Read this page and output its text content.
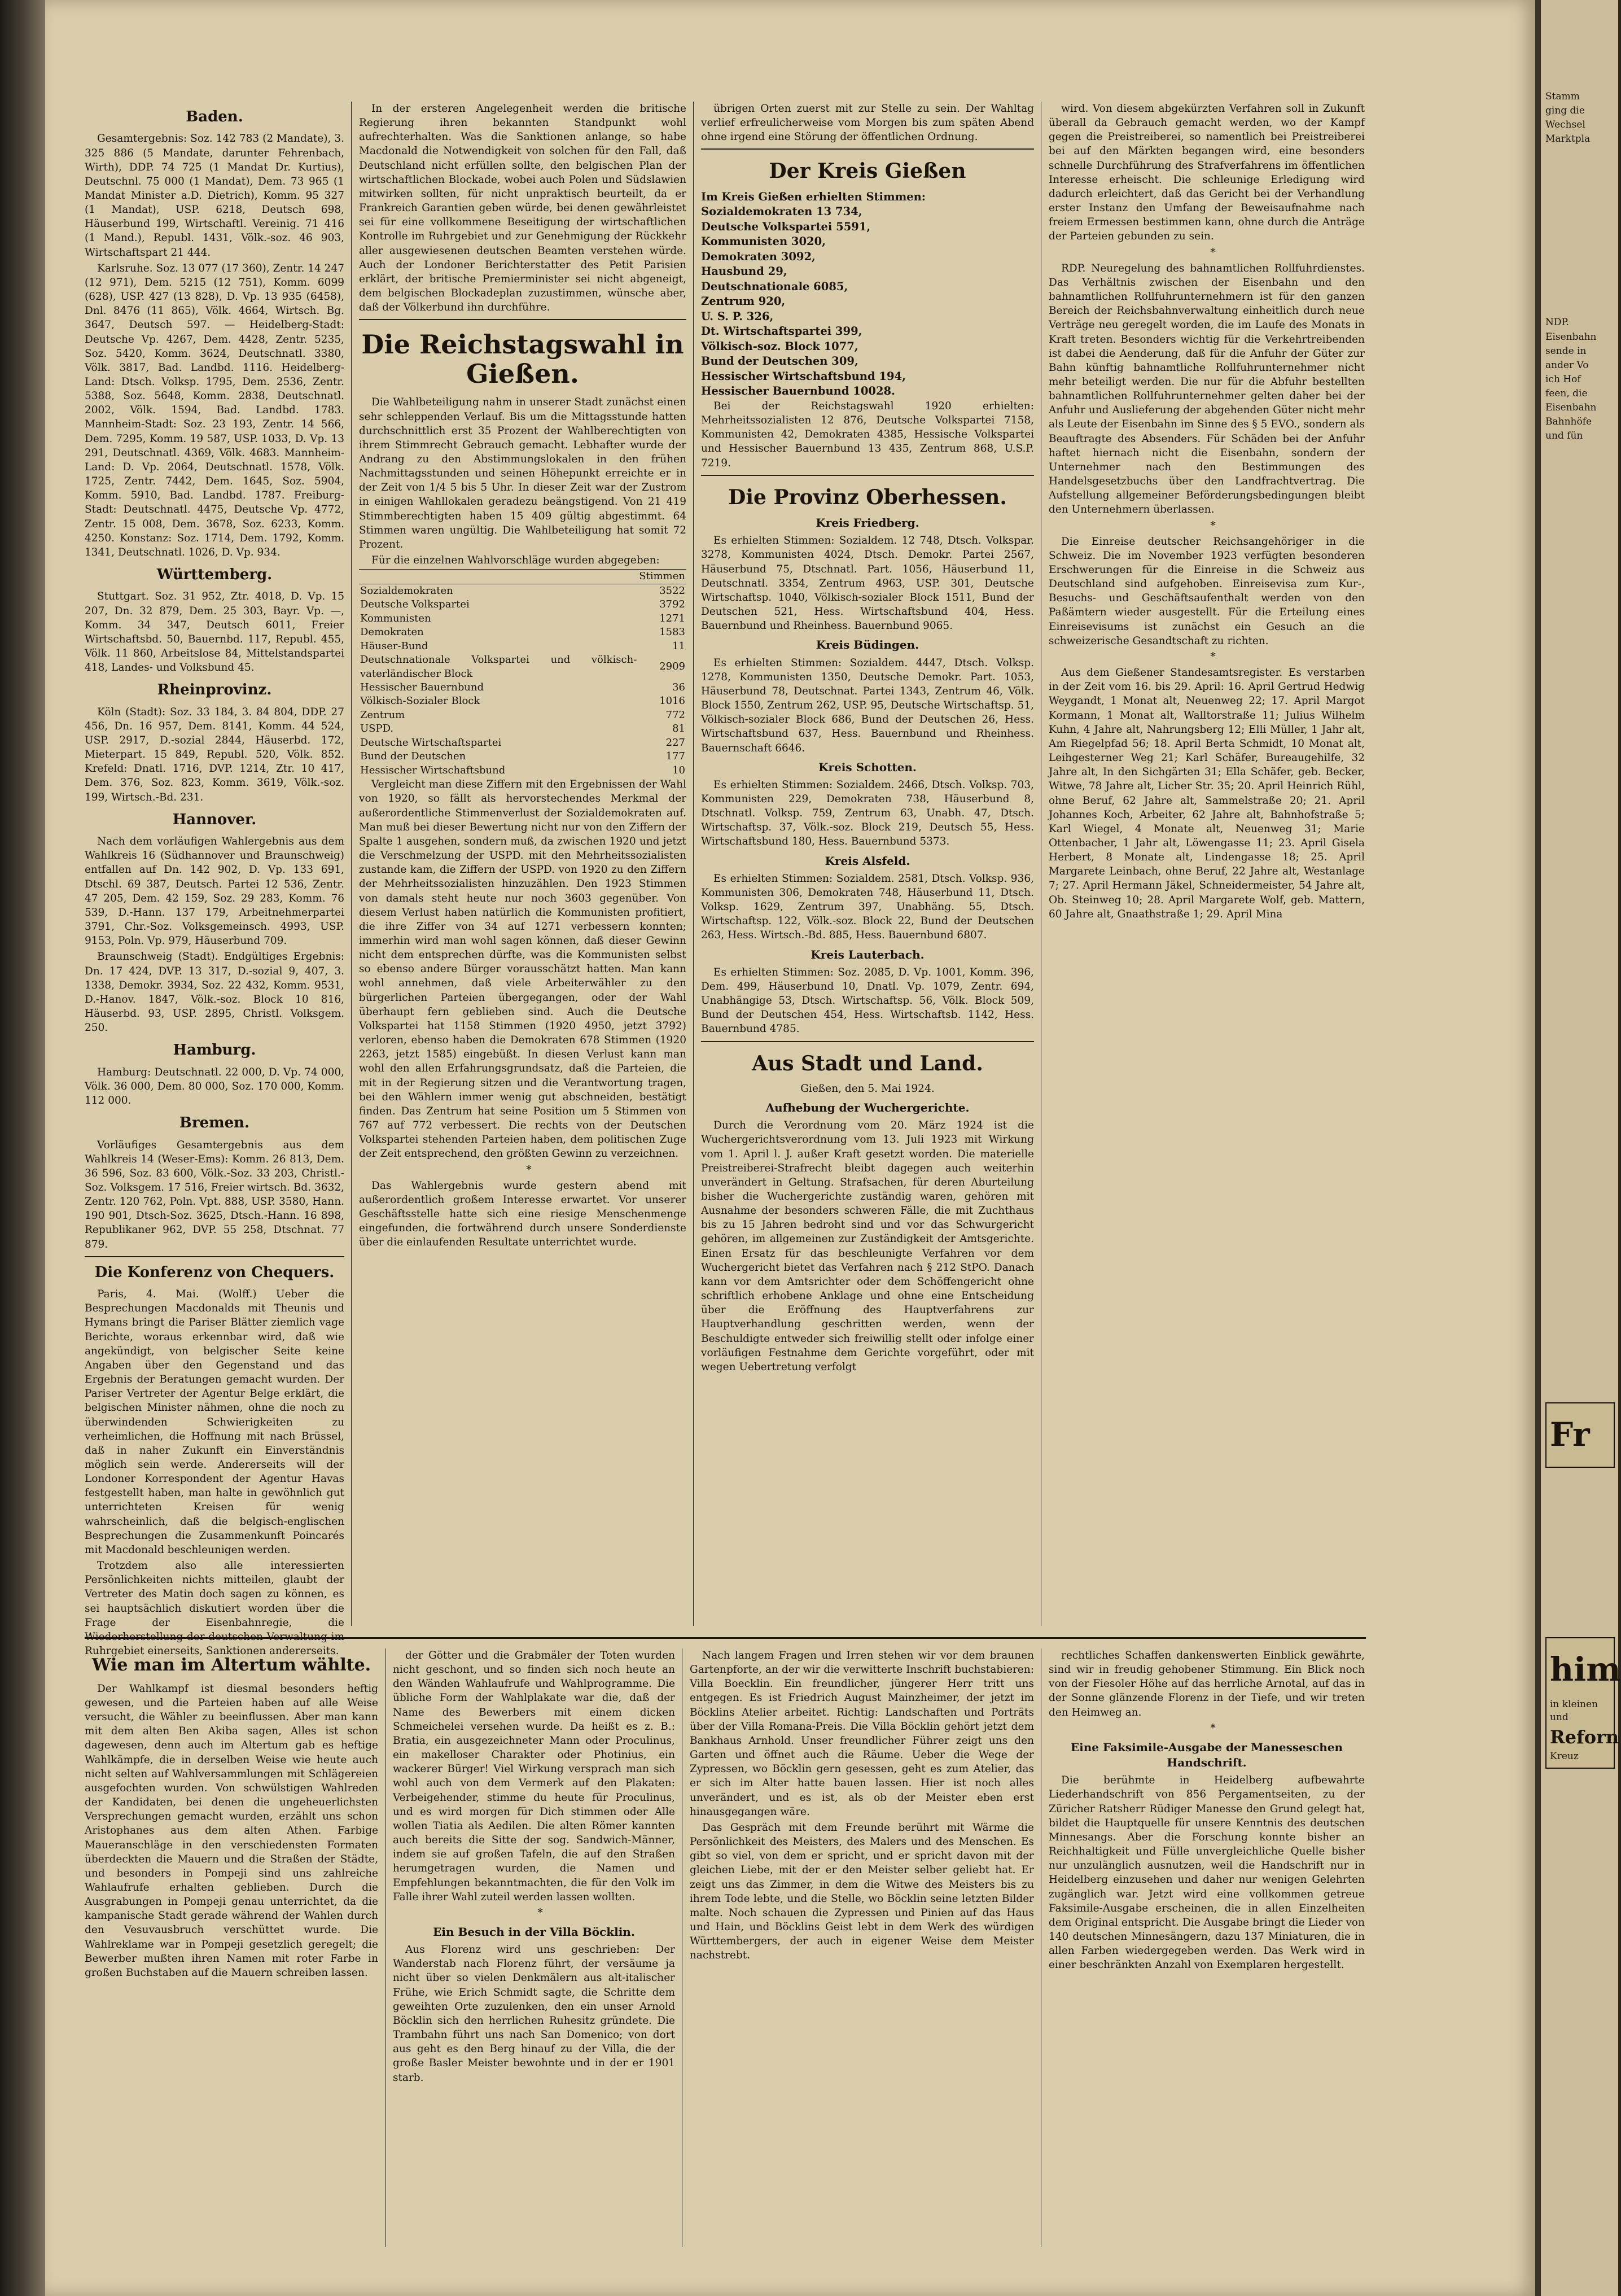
Baden.

Gesamtergebnis: Soz. 142 783 (2 Mandate), 3. 325 886 (5 Mandate, darunter Fehrenbach, Wirth), DDP. 74 725 (1 Mandat Dr. Kurtius), Deutschnl. 75 000 (1 Mandat), Dem. 73 965 (1 Mandat Minister a.D. Dietrich), Komm. 95 327 (1 Mandat), USP. 6218, Deutsch 698, Häuserbund 199, Wirtschaftl. Vereinig. 71 416 (1 Mand.), Republ. 1431, Völk.-soz. 46 903, Wirtschaftspart 21 444.

Karlsruhe. Soz. 13 077 (17 360), Zentr. 14 247 (12 971), Dem. 5215 (12 751), Komm. 6099 (628), USP. 427 (13 828), D. Vp. 13 935 (6458), Dnl. 8476 (11 865), Völk. 4664, Wirtsch. Bg. 3647, Deutsch 597. — Heidelberg-Stadt: Deutsche Vp. 4267, Dem. 4428, Zentr. 5235, Soz. 5420, Komm. 3624, Deutschnatl. 3380, Völk. 3817, Bad. Landbd. 1116. Heidelberg-Land: Dtsch. Volksp. 1795, Dem. 2536, Zentr. 5388, Soz. 5648, Komm. 2838, Deutschnatl. 2002, Völk. 1594, Bad. Landbd. 1783. Mannheim-Stadt: Soz. 23 193, Zentr. 14 566, Dem. 7295, Komm. 19 587, USP. 1033, D. Vp. 13 291, Deutschnatl. 4369, Völk. 4683. Mannheim-Land: D. Vp. 2064, Deutschnatl. 1578, Völk. 1725, Zentr. 7442, Dem. 1645, Soz. 5904, Komm. 5910, Bad. Landbd. 1787. Freiburg-Stadt: Deutschnatl. 4475, Deutsche Vp. 4772, Zentr. 15 008, Dem. 3678, Soz. 6233, Komm. 4250. Konstanz: Soz. 1714, Dem. 1792, Komm. 1341, Deutschnatl. 1026, D. Vp. 934.

Württemberg.

Stuttgart. Soz. 31 952, Ztr. 4018, D. Vp. 15 207, Dn. 32 879, Dem. 25 303, Bayr. Vp. —, Komm. 34 347, Deutsch 6011, Freier Wirtschaftsbd. 50, Bauernbd. 117, Republ. 455, Völk. 11 860, Arbeitslose 84, Mittelstandspartei 418, Landes- und Volksbund 45.

Rheinprovinz.

Köln (Stadt): Soz. 33 184, 3. 84 804, DDP. 27 456, Dn. 16 957, Dem. 8141, Komm. 44 524, USP. 2917, D.-sozial 2844, Häuserbd. 172, Mieterpart. 15 849, Republ. 520, Völk. 852. Krefeld: Dnatl. 1716, DVP. 1214, Ztr. 10 417, Dem. 376, Soz. 823, Komm. 3619, Völk.-soz. 199, Wirtsch.-Bd. 231.

Hannover.

Nach dem vorläufigen Wahlergebnis aus dem Wahlkreis 16 (Südhannover und Braunschweig) entfallen auf Dn. 142 902, D. Vp. 133 691, Dtschl. 69 387, Deutsch. Partei 12 536, Zentr. 47 205, Dem. 42 159, Soz. 29 283, Komm. 76 539, D.-Hann. 137 179, Arbeitnehmerpartei 3791, Chr.-Soz. Volksgemeinsch. 4993, USP. 9153, Poln. Vp. 979, Häuserbund 709.

Braunschweig (Stadt). Endgültiges Ergebnis: Dn. 17 424, DVP. 13 317, D.-sozial 9, 407, 3. 1338, Demokr. 3934, Soz. 22 432, Komm. 9531, D.-Hanov. 1847, Völk.-soz. Block 10 816, Häuserbd. 93, USP. 2895, Christl. Volksgem. 250.

Hamburg.

Hamburg: Deutschnatl. 22 000, D. Vp. 74 000, Völk. 36 000, Dem. 80 000, Soz. 170 000, Komm. 112 000.

Bremen.

Vorläufiges Gesamtergebnis aus dem Wahlkreis 14 (Weser-Ems): Komm. 26 813, Dem. 36 596, Soz. 83 600, Völk.-Soz. 33 203, Christl.-Soz. Volksgem. 17 516, Freier wirtsch. Bd. 3632, Zentr. 120 762, Poln. Vpt. 888, USP. 3580, Hann. 190 901, Dtsch-Soz. 3625, Dtsch.-Hann. 16 898, Republikaner 962, DVP. 55 258, Dtschnat. 77 879.

Die Konferenz von Chequers.

Paris, 4. Mai. (Wolff.) Ueber die Besprechungen Macdonalds mit Theunis und Hymans bringt die Pariser Blätter ziemlich vage Berichte, woraus erkennbar wird, daß wie angekündigt, von belgischer Seite keine Angaben über den Gegenstand und das Ergebnis der Beratungen gemacht wurden. Der Pariser Vertreter der Agentur Belge erklärt, die belgischen Minister nähmen, ohne die noch zu überwindenden Schwierigkeiten zu verheimlichen, die Hoffnung mit nach Brüssel, daß in naher Zukunft ein Einverständnis möglich sein werde. Andererseits will der Londoner Korrespondent der Agentur Havas festgestellt haben, man halte in gewöhnlich gut unterrichteten Kreisen für wenig wahrscheinlich, daß die belgisch-englischen Besprechungen die Zusammenkunft Poincarés mit Macdonald beschleunigen werden.

Trotzdem also alle interessierten Persönlichkeiten nichts mitteilen, glaubt der Vertreter des Matin doch sagen zu können, es sei hauptsächlich diskutiert worden über die Frage der Eisenbahnregie, die Wiederherstellung der deutschen Verwaltung im Ruhrgebiet einerseits, Sanktionen andererseits.

In der ersteren Angelegenheit werden die britische Regierung ihren bekannten Standpunkt wohl aufrechterhalten. Was die Sanktionen anlange, so habe Macdonald die Notwendigkeit von solchen für den Fall, daß Deutschland nicht erfüllen sollte, den belgischen Plan der wirtschaftlichen Blockade, wobei auch Polen und Südslawien mitwirken sollten, für nicht unpraktisch beurteilt, da er Frankreich Garantien geben würde, bei denen gewährleistet sei für eine vollkommene Beseitigung der wirtschaftlichen Kontrolle im Ruhrgebiet und zur Genehmigung der Rückkehr aller ausgewiesenen deutschen Beamten verstehen würde. Auch der Londoner Berichterstatter des Petit Parisien erklärt, der britische Premierminister sei nicht abgeneigt, dem belgischen Blockadeplan zuzustimmen, wünsche aber, daß der Völkerbund ihn durchführe.

Die Reichstagswahl in Gießen.

Die Wahlbeteiligung nahm in unserer Stadt zunächst einen sehr schleppenden Verlauf. Bis um die Mittagsstunde hatten durchschnittlich erst 35 Prozent der Wahlberechtigten von ihrem Stimmrecht Gebrauch gemacht. Lebhafter wurde der Andrang zu den Abstimmungslokalen in den frühen Nachmittagsstunden und seinen Höhepunkt erreichte er in der Zeit von 1/4 5 bis 5 Uhr. In dieser Zeit war der Zustrom in einigen Wahllokalen geradezu beängstigend. Von 21 419 Stimmberechtigten haben 15 409 gültig abgestimmt. 64 Stimmen waren ungültig. Die Wahlbeteiligung hat somit 72 Prozent.

Für die einzelnen Wahlvorschläge wurden abgegeben:

	Stimmen
Sozialdemokraten	3522
Deutsche Volkspartei	3792
Kommunisten	1271
Demokraten	1583
Häuser-Bund	11
Deutschnationale Volkspartei und völkisch-vaterländischer Block	2909
Hessischer Bauernbund	36
Völkisch-Sozialer Block	1016
Zentrum	772
USPD.	81
Deutsche Wirtschaftspartei	227
Bund der Deutschen	177
Hessischer Wirtschaftsbund	10

Vergleicht man diese Ziffern mit den Ergebnissen der Wahl von 1920, so fällt als hervorstechendes Merkmal der außerordentliche Stimmenverlust der Sozialdemokraten auf. Man muß bei dieser Bewertung nicht nur von den Ziffern der Spalte 1 ausgehen, sondern muß, da zwischen 1920 und jetzt die Verschmelzung der USPD. mit den Mehrheitssozialisten zustande kam, die Ziffern der USPD. von 1920 zu den Ziffern der Mehrheitssozialisten hinzuzählen. Den 1923 Stimmen von damals steht heute nur noch 3603 gegenüber. Von diesem Verlust haben natürlich die Kommunisten profitiert, die ihre Ziffer von 34 auf 1271 verbessern konnten; immerhin wird man wohl sagen können, daß dieser Gewinn nicht dem entsprechen dürfte, was die Kommunisten selbst so ebenso andere Bürger vorausschätzt hatten. Man kann wohl annehmen, daß viele Arbeiterwähler zu den bürgerlichen Parteien übergegangen, oder der Wahl überhaupt fern geblieben sind. Auch die Deutsche Volkspartei hat 1158 Stimmen (1920 4950, jetzt 3792) verloren, ebenso haben die Demokraten 678 Stimmen (1920 2263, jetzt 1585) eingebüßt. In diesen Verlust kann man wohl den allen Erfahrungsgrundsatz, daß die Parteien, die mit in der Regierung sitzen und die Verantwortung tragen, bei den Wählern immer wenig gut abschneiden, bestätigt finden. Das Zentrum hat seine Position um 5 Stimmen von 767 auf 772 verbessert. Die rechts von der Deutschen Volkspartei stehenden Parteien haben, dem politischen Zuge der Zeit entsprechend, den größten Gewinn zu verzeichnen.

*

Das Wahlergebnis wurde gestern abend mit außerordentlich großem Interesse erwartet. Vor unserer Geschäftsstelle hatte sich eine riesige Menschenmenge eingefunden, die fortwährend durch unsere Sonderdienste über die einlaufenden Resultate unterrichtet wurde.

übrigen Orten zuerst mit zur Stelle zu sein. Der Wahltag verlief erfreulicherweise vom Morgen bis zum späten Abend ohne irgend eine Störung der öffentlichen Ordnung.

Der Kreis Gießen

Im Kreis Gießen erhielten Stimmen:

Sozialdemokraten 13 734,

Deutsche Volkspartei 5591,

Kommunisten 3020,

Demokraten 3092,

Hausbund 29,

Deutschnationale 6085,

Zentrum 920,

U. S. P. 326,

Dt. Wirtschaftspartei 399,

Völkisch-soz. Block 1077,

Bund der Deutschen 309,

Hessischer Wirtschaftsbund 194,

Hessischer Bauernbund 10028.

Bei der Reichstagswahl 1920 erhielten: Mehrheitssozialisten 12 876, Deutsche Volkspartei 7158, Kommunisten 42, Demokraten 4385, Hessische Volkspartei und Hessischer Bauernbund 13 435, Zentrum 868, U.S.P. 7219.

Die Provinz Oberhessen.
Kreis Friedberg.

Es erhielten Stimmen: Sozialdem. 12 748, Dtsch. Volkspar. 3278, Kommunisten 4024, Dtsch. Demokr. Partei 2567, Häuserbund 75, Dtschnatl. Part. 1056, Häuserbund 11, Deutschnatl. 3354, Zentrum 4963, USP. 301, Deutsche Wirtschaftsp. 1040, Völkisch-sozialer Block 1511, Bund der Deutschen 521, Hess. Wirtschaftsbund 404, Hess. Bauernbund und Rheinhess. Bauernbund 9065.

Kreis Büdingen.

Es erhielten Stimmen: Sozialdem. 4447, Dtsch. Volksp. 1278, Kommunisten 1350, Deutsche Demokr. Part. 1053, Häuserbund 78, Deutschnat. Partei 1343, Zentrum 46, Völk. Block 1550, Zentrum 262, USP. 95, Deutsche Wirtschaftsp. 51, Völkisch-sozialer Block 686, Bund der Deutschen 26, Hess. Wirtschaftsbund 637, Hess. Bauernbund und Rheinhess. Bauernschaft 6646.

Kreis Schotten.

Es erhielten Stimmen: Sozialdem. 2466, Dtsch. Volksp. 703, Kommunisten 229, Demokraten 738, Häuserbund 8, Dtschnatl. Volksp. 759, Zentrum 63, Unabh. 47, Dtsch. Wirtschaftsp. 37, Völk.-soz. Block 219, Deutsch 55, Hess. Wirtschaftsbund 180, Hess. Bauernbund 5373.

Kreis Alsfeld.

Es erhielten Stimmen: Sozialdem. 2581, Dtsch. Volksp. 936, Kommunisten 306, Demokraten 748, Häuserbund 11, Dtsch. Volksp. 1629, Zentrum 397, Unabhäng. 55, Dtsch. Wirtschaftsp. 122, Völk.-soz. Block 22, Bund der Deutschen 263, Hess. Wirtsch.-Bd. 885, Hess. Bauernbund 6807.

Kreis Lauterbach.

Es erhielten Stimmen: Soz. 2085, D. Vp. 1001, Komm. 396, Dem. 499, Häuserbund 10, Dnatl. Vp. 1079, Zentr. 694, Unabhängige 53, Dtsch. Wirtschaftsp. 56, Völk. Block 509, Bund der Deutschen 454, Hess. Wirtschaftsb. 1142, Hess. Bauernbund 4785.

Aus Stadt und Land.

Gießen, den 5. Mai 1924.

Aufhebung der Wuchergerichte.

Durch die Verordnung vom 20. März 1924 ist die Wuchergerichtsverordnung vom 13. Juli 1923 mit Wirkung vom 1. April l. J. außer Kraft gesetzt worden. Die materielle Preistreiberei-Strafrecht bleibt dagegen auch weiterhin unverändert in Geltung. Strafsachen, für deren Aburteilung bisher die Wuchergerichte zuständig waren, gehören mit Ausnahme der besonders schweren Fälle, die mit Zuchthaus bis zu 15 Jahren bedroht sind und vor das Schwurgericht gehören, im allgemeinen zur Zuständigkeit der Amtsgerichte. Einen Ersatz für das beschleunigte Verfahren vor dem Wuchergericht bietet das Verfahren nach § 212 StPO. Danach kann vor dem Amtsrichter oder dem Schöffengericht ohne schriftlich erhobene Anklage und ohne eine Entscheidung über die Eröffnung des Hauptverfahrens zur Hauptverhandlung geschritten werden, wenn der Beschuldigte entweder sich freiwillig stellt oder infolge einer vorläufigen Festnahme dem Gerichte vorgeführt, oder mit wegen Uebertretung verfolgt

wird. Von diesem abgekürzten Verfahren soll in Zukunft überall da Gebrauch gemacht werden, wo der Kampf gegen die Preistreiberei, so namentlich bei Preistreiberei bei auf den Märkten begangen wird, eine besonders schnelle Durchführung des Strafverfahrens im öffentlichen Interesse erheischt. Die schleunige Erledigung wird dadurch erleichtert, daß das Gericht bei der Verhandlung erster Instanz den Umfang der Beweisaufnahme nach freiem Ermessen bestimmen kann, ohne durch die Anträge der Parteien gebunden zu sein.

*

RDP. Neuregelung des bahnamtlichen Rollfuhrdienstes. Das Verhältnis zwischen der Eisenbahn und den bahnamtlichen Rollfuhrunternehmern ist für den ganzen Bereich der Reichsbahnverwaltung einheitlich durch neue Verträge neu geregelt worden, die im Laufe des Monats in Kraft treten. Besonders wichtig für die Verkehrtreibenden ist dabei die Aenderung, daß für die Anfuhr der Güter zur Bahn künftig bahnamtliche Rollfuhrunternehmer nicht mehr beteiligt werden. Die nur für die Abfuhr bestellten bahnamtlichen Rollfuhrunternehmer gelten daher bei der Anfuhr und Auslieferung der abgehenden Güter nicht mehr als Leute der Eisenbahn im Sinne des § 5 EVO., sondern als Beauftragte des Absenders. Für Schäden bei der Anfuhr haftet hiernach nicht die Eisenbahn, sondern der Unternehmer nach den Bestimmungen des Handelsgesetzbuchs über den Landfrachtvertrag. Die Aufstellung allgemeiner Beförderungsbedingungen bleibt den Unternehmern überlassen.

*

Die Einreise deutscher Reichsangehöriger in die Schweiz. Die im November 1923 verfügten besonderen Erschwerungen für die Einreise in die Schweiz aus Deutschland sind aufgehoben. Einreisevisa zum Kur-, Besuchs- und Geschäftsaufenthalt werden von den Paßämtern wieder ausgestellt. Für die Erteilung eines Einreisevisums ist zunächst ein Gesuch an die schweizerische Gesandtschaft zu richten.

*

Aus dem Gießener Standesamtsregister. Es verstarben in der Zeit vom 16. bis 29. April: 16. April Gertrud Hedwig Weygandt, 1 Monat alt, Neuenweg 22; 17. April Margot Kormann, 1 Monat alt, Walltorstraße 11; Julius Wilhelm Kuhn, 4 Jahre alt, Nahrungsberg 12; Elli Müller, 1 Jahr alt, Am Riegelpfad 56; 18. April Berta Schmidt, 10 Monat alt, Leihgesterner Weg 21; Karl Schäfer, Bureaugehilfe, 32 Jahre alt, In den Sichgärten 31; Ella Schäfer, geb. Becker, Witwe, 78 Jahre alt, Licher Str. 35; 20. April Heinrich Rühl, ohne Beruf, 62 Jahre alt, Sammelstraße 20; 21. April Johannes Koch, Arbeiter, 62 Jahre alt, Bahnhofstraße 5; Karl Wiegel, 4 Monate alt, Neuenweg 31; Marie Ottenbacher, 1 Jahr alt, Löwengasse 11; 23. April Gisela Herbert, 8 Monate alt, Lindengasse 18; 25. April Margarete Leinbach, ohne Beruf, 22 Jahre alt, Westanlage 7; 27. April Hermann Jäkel, Schneidermeister, 54 Jahre alt, Ob. Steinweg 10; 28. April Margarete Wolf, geb. Mattern, 60 Jahre alt, Gnaathstraße 1; 29. April Mina

Wie man im Altertum wählte.

Der Wahlkampf ist diesmal besonders heftig gewesen, und die Parteien haben auf alle Weise versucht, die Wähler zu beeinflussen. Aber man kann mit dem alten Ben Akiba sagen, Alles ist schon dagewesen, denn auch im Altertum gab es heftige Wahlkämpfe, die in derselben Weise wie heute auch nicht selten auf Wahlversammlungen mit Schlägereien ausgefochten wurden. Von schwülstigen Wahlreden der Kandidaten, bei denen die ungeheuerlichsten Versprechungen gemacht wurden, erzählt uns schon Aristophanes aus dem alten Athen. Farbige Maueranschläge in den verschiedensten Formaten überdeckten die Mauern und die Straßen der Städte, und besonders in Pompeji sind uns zahlreiche Wahlaufrufe erhalten geblieben. Durch die Ausgrabungen in Pompeji genau unterrichtet, da die kampanische Stadt gerade während der Wahlen durch den Vesuvausbruch verschüttet wurde. Die Wahlreklame war in Pompeji gesetzlich geregelt; die Bewerber mußten ihren Namen mit roter Farbe in großen Buchstaben auf die Mauern schreiben lassen.

der Götter und die Grabmäler der Toten wurden nicht geschont, und so finden sich noch heute an den Wänden Wahlaufrufe und Wahlprogramme. Die übliche Form der Wahlplakate war die, daß der Name des Bewerbers mit einem dicken Schmeichelei versehen wurde. Da heißt es z. B.: Bratia, ein ausgezeichneter Mann oder Proculinus, ein makelloser Charakter oder Photinius, ein wackerer Bürger! Viel Wirkung versprach man sich wohl auch von dem Vermerk auf den Plakaten: Verbeigehender, stimme du heute für Proculinus, und es wird morgen für Dich stimmen oder Alle wollen Tiatia als Aedilen. Die alten Römer kannten auch bereits die Sitte der sog. Sandwich-Männer, indem sie auf großen Tafeln, die auf den Straßen herumgetragen wurden, die Namen und Empfehlungen bekanntmachten, die für den Volk im Falle ihrer Wahl zuteil werden lassen wollten.

*

Ein Besuch in der Villa Böcklin.

Aus Florenz wird uns geschrieben: Der Wanderstab nach Florenz führt, der versäume ja nicht über so vielen Denkmälern aus alt-italischer Frühe, wie Erich Schmidt sagte, die Schritte dem geweihten Orte zuzulenken, den ein unser Arnold Böcklin sich den herrlichen Ruhesitz gründete. Die Trambahn führt uns nach San Domenico; von dort aus geht es den Berg hinauf zu der Villa, die der große Basler Meister bewohnte und in der er 1901 starb.

Nach langem Fragen und Irren stehen wir vor dem braunen Gartenpforte, an der wir die verwitterte Inschrift buchstabieren: Villa Boecklin. Ein freundlicher, jüngerer Herr tritt uns entgegen. Es ist Friedrich August Mainzheimer, der jetzt im Böcklins Atelier arbeitet. Richtig: Landschaften und Porträts über der Villa Romana-Preis. Die Villa Böcklin gehört jetzt dem Bankhaus Arnhold. Unser freundlicher Führer zeigt uns den Garten und öffnet auch die Räume. Ueber die Wege der Zypressen, wo Böcklin gern gesessen, geht es zum Atelier, das er sich im Alter hatte bauen lassen. Hier ist noch alles unverändert, und es ist, als ob der Meister eben erst hinausgegangen wäre.

Das Gespräch mit dem Freunde berührt mit Wärme die Persönlichkeit des Meisters, des Malers und des Menschen. Es gibt so viel, von dem er spricht, und er spricht davon mit der gleichen Liebe, mit der er den Meister selber geliebt hat. Er zeigt uns das Zimmer, in dem die Witwe des Meisters bis zu ihrem Tode lebte, und die Stelle, wo Böcklin seine letzten Bilder malte. Noch schauen die Zypressen und Pinien auf das Haus und Hain, und Böcklins Geist lebt in dem Werk des würdigen Württembergers, der auch in eigener Weise dem Meister nachstrebt.

rechtliches Schaffen dankenswerten Einblick gewährte, sind wir in freudig gehobener Stimmung. Ein Blick noch von der Fiesoler Höhe auf das herrliche Arnotal, auf das in der Sonne glänzende Florenz in der Tiefe, und wir treten den Heimweg an.

*

Eine Faksimile-Ausgabe der Manesseschen Handschrift.

Die berühmte in Heidelberg aufbewahrte Liederhandschrift von 856 Pergamentseiten, zu der Züricher Ratsherr Rüdiger Manesse den Grund gelegt hat, bildet die Hauptquelle für unsere Kenntnis des deutschen Minnesangs. Aber die Forschung konnte bisher an Reichhaltigkeit und Fülle unvergleichliche Quelle bisher nur unzulänglich ausnutzen, weil die Handschrift nur in Heidelberg einzusehen und daher nur wenigen Gelehrten zugänglich war. Jetzt wird eine vollkommen getreue Faksimile-Ausgabe erscheinen, die in allen Einzelheiten dem Original entspricht. Die Ausgabe bringt die Lieder von 140 deutschen Minnesängern, dazu 137 Miniaturen, die in allen Farben wiedergegeben werden. Das Werk wird in einer beschränkten Anzahl von Exemplaren hergestellt.

Stamm

ging die

Wechsel

Marktpla

NDP.

Eisenbahn

sende in

ander Vo

ich Hof

feen, die

Eisenbahn

Bahnhöfe

und fün

Fr
him

in kleinen und

Reforn

Kreuz
